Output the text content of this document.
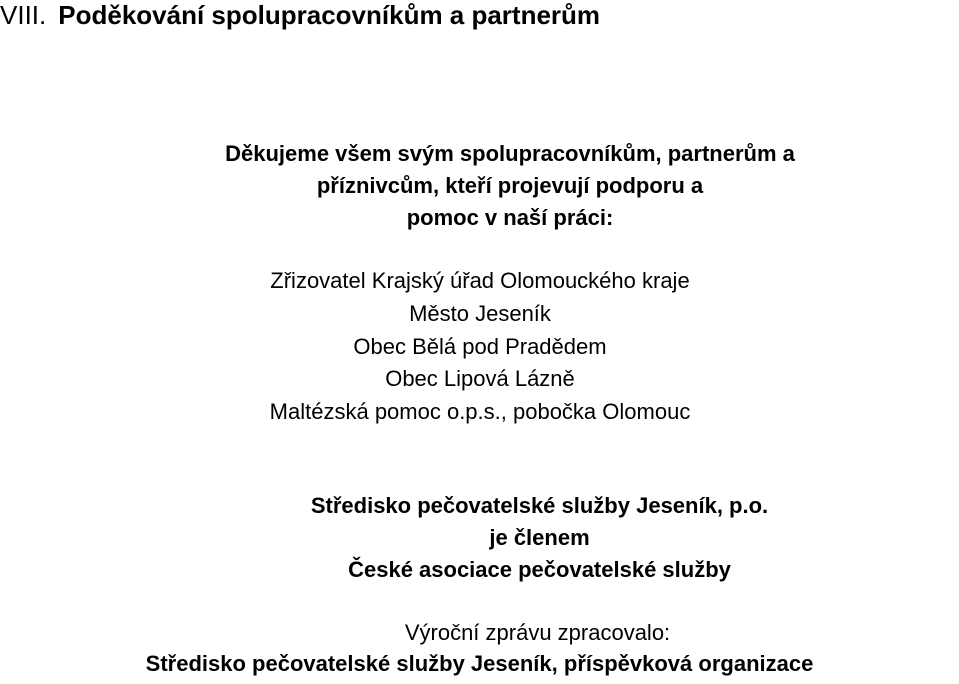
VIII. Poděkování spolupracovníkům a partnerům
Děkujeme všem svým spolupracovníkům, partnerům a
příznivcům, kteří projevují podporu a
pomoc v naší práci:
Zřizovatel Krajský úřad Olomouckého kraje
Město Jeseník
Obec Bělá pod Pradědem
Obec Lipová Lázně
Maltézská pomoc o.p.s., pobočka Olomouc
Středisko pečovatelské služby Jeseník, p.o.
je členem
České asociace pečovatelské služby
Výroční zprávu zpracovalo:
Středisko pečovatelské služby Jeseník, příspěvková organizace
